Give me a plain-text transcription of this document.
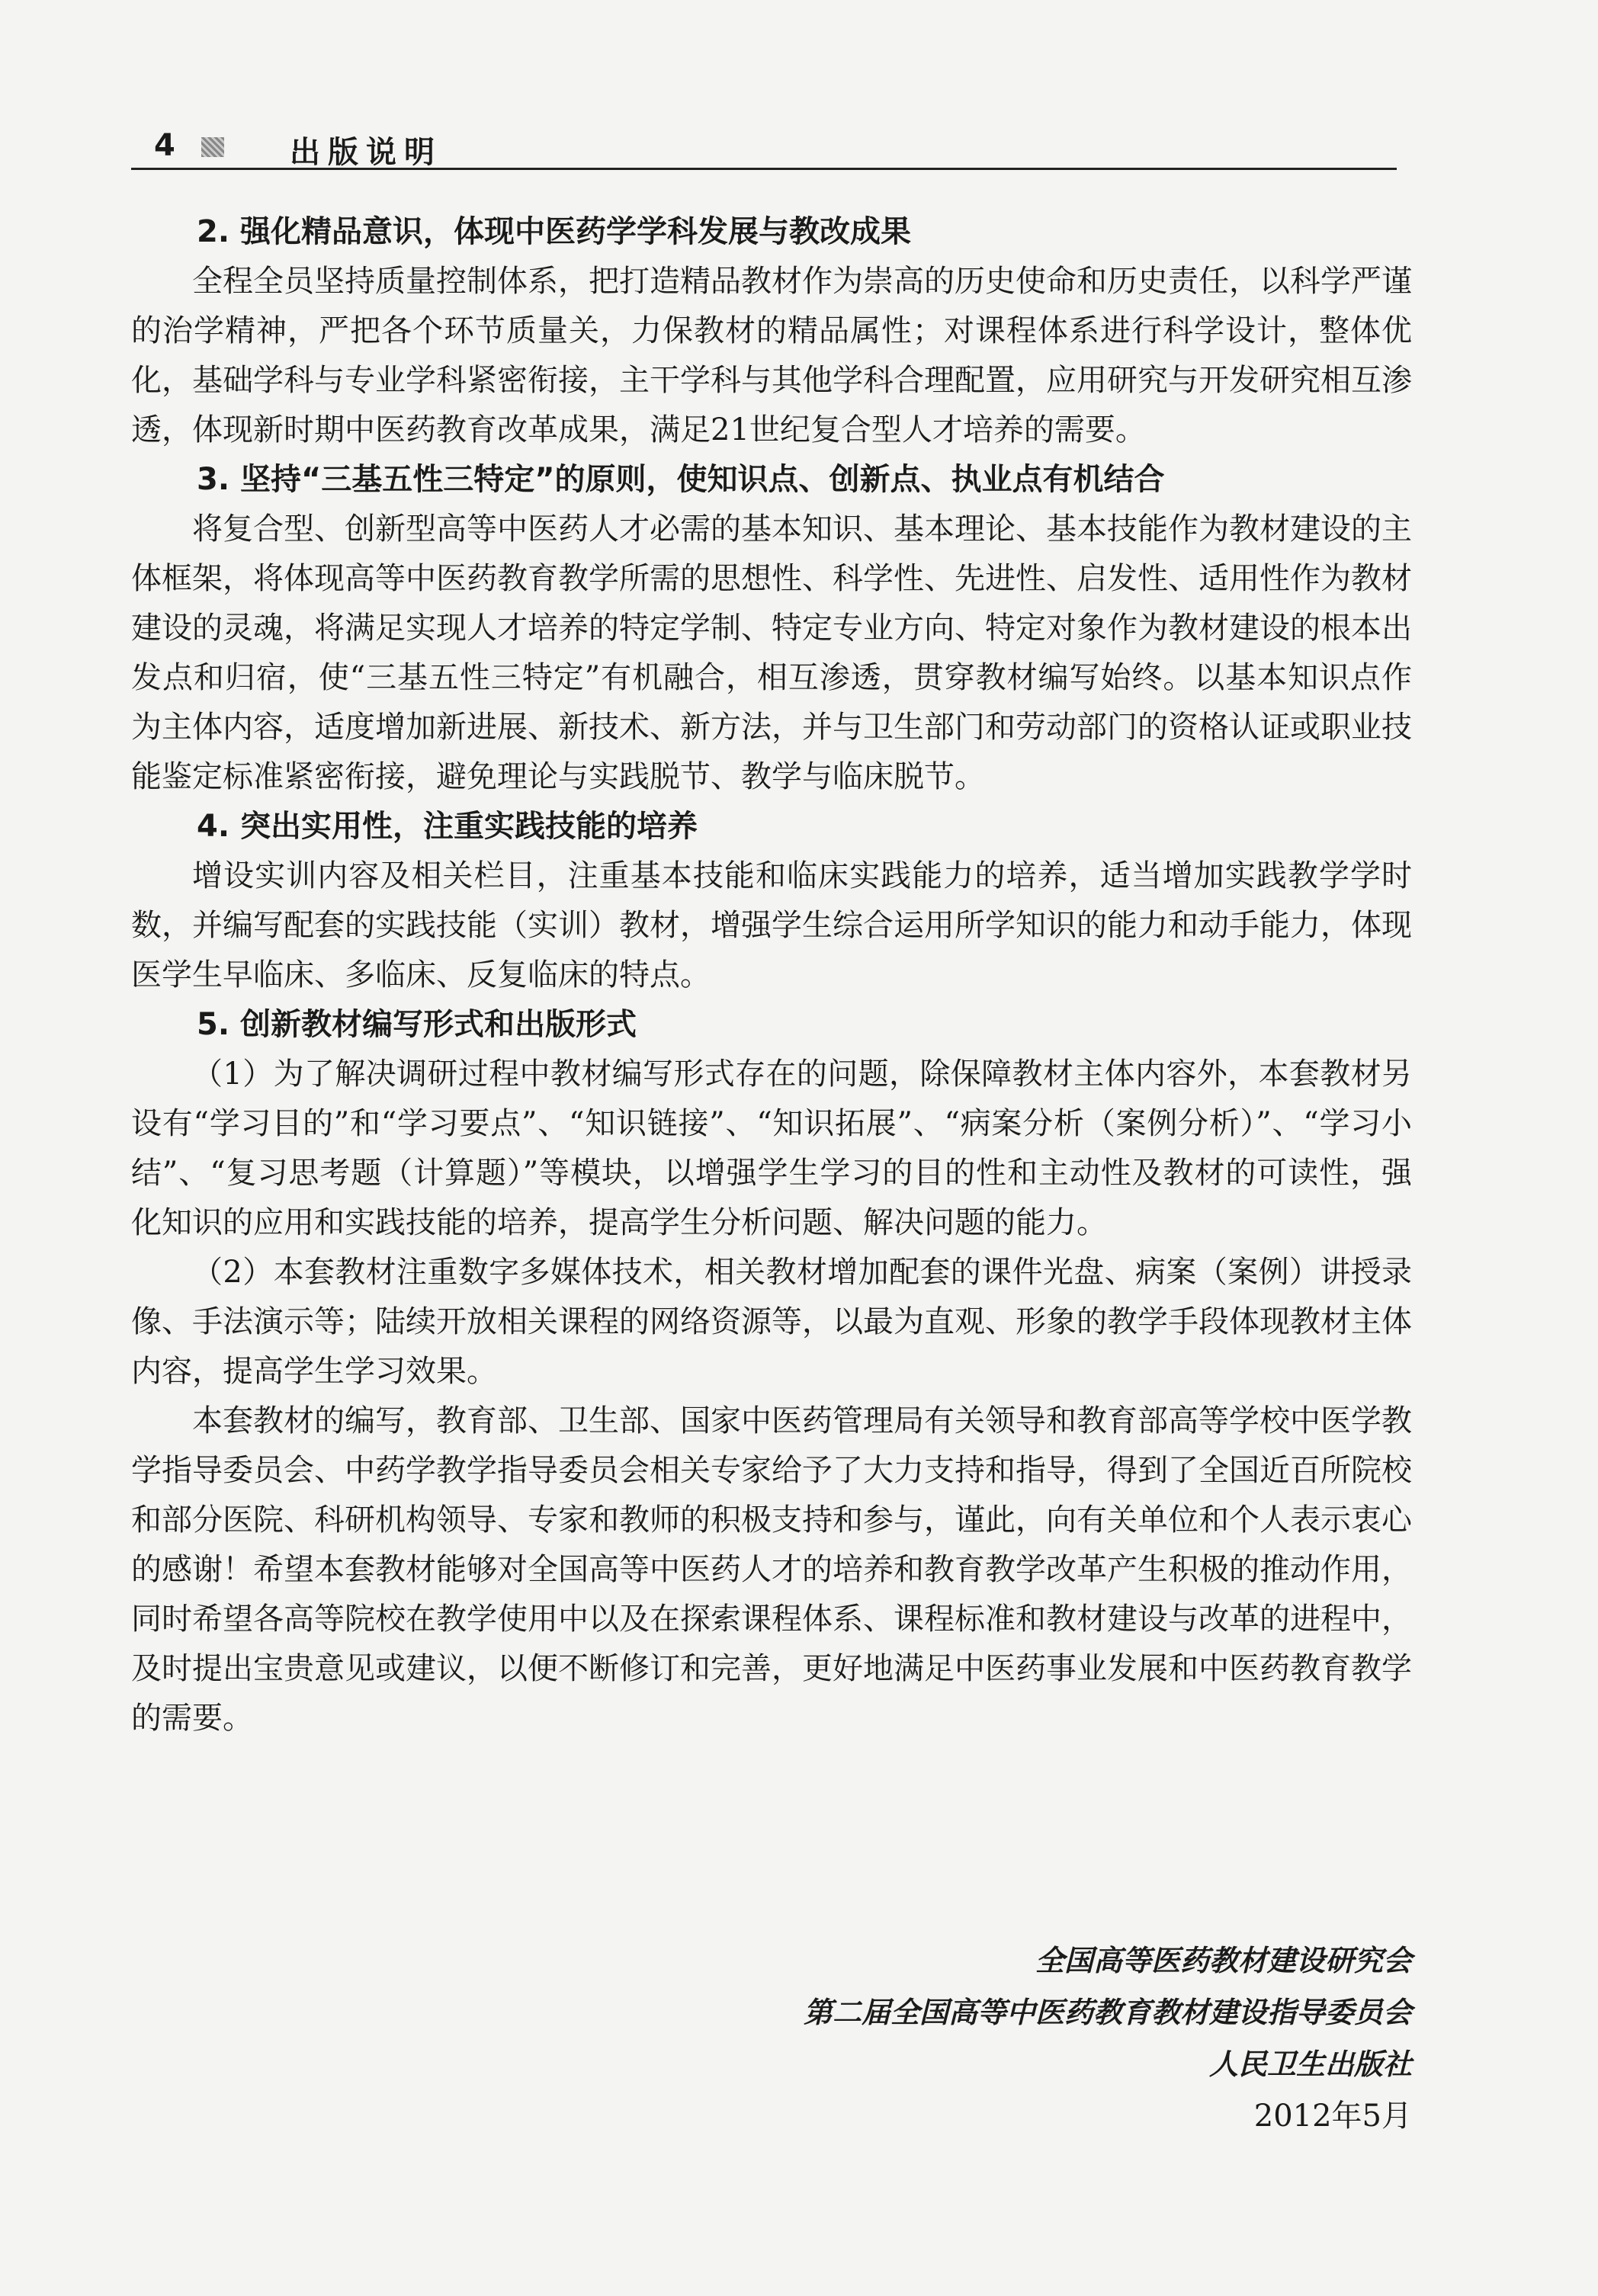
4	出版说明
2. 强化精品意识，体现中医药学学科发展与教改成果

全程全员坚持质量控制体系，把打造精品教材作为崇高的历史使命和历史责任，以科学严谨的治学精神，严把各个环节质量关，力保教材的精品属性；对课程体系进行科学设计，整体优化，基础学科与专业学科紧密衔接，主干学科与其他学科合理配置，应用研究与开发研究相互渗透，体现新时期中医药教育改革成果，满足21世纪复合型人才培养的需要。

3. 坚持“三基五性三特定”的原则，使知识点、创新点、执业点有机结合

将复合型、创新型高等中医药人才必需的基本知识、基本理论、基本技能作为教材建设的主体框架，将体现高等中医药教育教学所需的思想性、科学性、先进性、启发性、适用性作为教材建设的灵魂，将满足实现人才培养的特定学制、特定专业方向、特定对象作为教材建设的根本出发点和归宿，使“三基五性三特定”有机融合，相互渗透，贯穿教材编写始终。以基本知识点作为主体内容，适度增加新进展、新技术、新方法，并与卫生部门和劳动部门的资格认证或职业技能鉴定标准紧密衔接，避免理论与实践脱节、教学与临床脱节。

4. 突出实用性，注重实践技能的培养

增设实训内容及相关栏目，注重基本技能和临床实践能力的培养，适当增加实践教学学时数，并编写配套的实践技能（实训）教材，增强学生综合运用所学知识的能力和动手能力，体现医学生早临床、多临床、反复临床的特点。

5. 创新教材编写形式和出版形式

（1）为了解决调研过程中教材编写形式存在的问题，除保障教材主体内容外，本套教材另设有“学习目的”和“学习要点”、“知识链接”、“知识拓展”、“病案分析（案例分析）”、“学习小结”、“复习思考题（计算题）”等模块，以增强学生学习的目的性和主动性及教材的可读性，强化知识的应用和实践技能的培养，提高学生分析问题、解决问题的能力。

（2）本套教材注重数字多媒体技术，相关教材增加配套的课件光盘、病案（案例）讲授录像、手法演示等；陆续开放相关课程的网络资源等，以最为直观、形象的教学手段体现教材主体内容，提高学生学习效果。

本套教材的编写，教育部、卫生部、国家中医药管理局有关领导和教育部高等学校中医学教学指导委员会、中药学教学指导委员会相关专家给予了大力支持和指导，得到了全国近百所院校和部分医院、科研机构领导、专家和教师的积极支持和参与，谨此，向有关单位和个人表示衷心的感谢！希望本套教材能够对全国高等中医药人才的培养和教育教学改革产生积极的推动作用，同时希望各高等院校在教学使用中以及在探索课程体系、课程标准和教材建设与改革的进程中，及时提出宝贵意见或建议，以便不断修订和完善，更好地满足中医药事业发展和中医药教育教学的需要。

全国高等医药教材建设研究会
第二届全国高等中医药教育教材建设指导委员会
人民卫生出版社
2012年5月
